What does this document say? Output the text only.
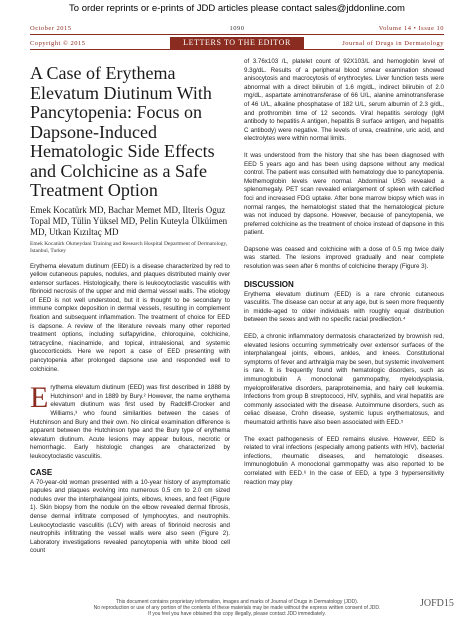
To order reprints or e-prints of JDD articles please contact sales@jddonline.com
October 2015	1090	Volume 14 • Issue 10
Copyright © 2015	Journal of Drugs in Dermatology
LETTERS TO THE EDITOR
A Case of Erythema Elevatum Diutinum With Pancytopenia: Focus on Dapsone-Induced Hematologic Side Effects and Colchicine as a Safe Treatment Option
Emek Kocatürk MD, Bachar Memet MD, Ilteris Oguz Topal MD, Tülin Yüksel MD, Pelin Kuteyla Ülküimen MD, Utkan Kızıltaç MD
Emek Kocatürk Okmeydani Training and Research Hospital Department of Dermatology, Istanbul, Turkey
Erythema elevatum diutinum (EED) is a disease characterized by red to yellow cutaneous papules, nodules, and plaques distributed mainly over extensor surfaces. Histologically, there is leukocytoclastic vasculitis with fibrinoid necrosis of the upper and mid dermal vessel walls. The etiology of EED is not well understood, but it is thought to be secondary to immune complex deposition in dermal vessels, resulting in complement fixation and subsequent inflammation. The treatment of choice for EED is dapsone. A review of the literature reveals many other reported treatment options, including sulfapyridine, chloroquine, colchicine, tetracycline, niacinamide, and topical, intralesional, and systemic glucocorticoids. Here we report a case of EED presenting with pancytopenia after prolonged dapsone use and responded well to colchicine.
Erythema elevatum diutinum (EED) was first described in 1888 by Hutchinson¹ and in 1889 by Bury.² However, the name erythema elevatum diutinum was first used by Radcliff-Crocker and Williams,³ who found similarities between the cases of Hutchinson and Bury and their own. No clinical examination difference is apparent between the Hutchinson type and the Bury type of erythema elevatum diutinum. Acute lesions may appear bullous, necrotic or hemorrhagic. Early histologic changes are characterized by leukocytoclastic vasculitis.
CASE
A 70-year-old woman presented with a 10-year history of asymptomatic papules and plaques evolving into numerous 0.5 cm to 2.0 cm sized nodules over the interphalangeal joints, elbows, knees, and feet (Figure 1). Skin biopsy from the nodule on the elbow revealed dermal fibrosis, dense dermal infiltrate composed of lymphocytes, and neutrophils. Leukocytoclastic vasculitis (LCV) with areas of fibrinoid necrosis and neutrophils infiltrating the vessel walls were also seen (Figure 2). Laboratory investigations revealed pancytopenia with white blood cell count
of 3.76x103 /L, platelet count of 92X103/L and hemoglobin level of 9.3g/dL. Results of a peripheral blood smear examination showed anisocytosis and macrocytosis of erythrocytes. Liver function tests were abnormal with a direct bilirubin of 1.6 mg/dL, indirect bilirubin of 2.0 mg/dL, aspartate aminotransferase of 66 U/L, alanine aminotransferase of 46 U/L, alkaline phosphatase of 182 U/L, serum albumin of 2.3 g/dL, and prothrombin time of 12 seconds. Viral hepatitis serology (IgM antibody to hepatitis A antigen, hepatitis B surface antigen, and hepatitis C antibody) were negative. The levels of urea, creatinine, uric acid, and electrolytes were within normal limits.
It was understood from the history that she has been diagnosed with EED 5 years ago and has been using dapsone without any medical control. The patient was consulted with hematology due to pancytopenia. Methemoglobin levels were normal. Abdominal USG revealed a splenomegaly. PET scan revealed enlargement of spleen with calcified foci and increased FDG uptake. After bone marrow biopsy which was in normal ranges, the hematologist stated that the hematological picture was not induced by dapsone. However, because of pancytopenia, we preferred colchicine as the treatment of choice instead of dapsone in this patient.
Dapsone was ceased and colchicine with a dose of 0.5 mg twice daily was started. The lesions improved gradually and near complete resolution was seen after 6 months of colchicine therapy (Figure 3).
DISCUSSION
Erythema elevatum diutinum (EED) is a rare chronic cutaneous vasculitis. The disease can occur at any age, but is seen more frequently in middle-aged to older individuals with roughly equal distribution between the sexes and with no specific racial predilection.⁴
EED, a chronic inflammatory dermatosis characterized by brownish red, elevated lesions occurring symmetrically over extensor surfaces of the interphalangeal joints, elbows, ankles, and knees. Constitutional symptoms of fever and arthralgia may be seen, but systemic involvement is rare. It is frequently found with hematologic disorders, such as immunoglobulin A monoclonal gammopathy, myelodysplasia, myeloproliferative disorders, paraproteinemia, and hairy cell leukemia. Infections from group B streptococci, HIV, syphilis, and viral hepatitis are commonly associated with the disease. Autoimmune disorders, such as celiac disease, Crohn disease, systemic lupus erythematosus, and rheumatoid arthritis have also been associated with EED.⁵
The exact pathogenesis of EED remains elusive. However, EED is related to viral infections (especially among patients with HIV), bacterial infections, rheumatic diseases, and hematologic diseases. Immunoglobulin A monoclonal gammopathy was also reported to be correlated with EED.⁶ In the case of EED, a type 3 hypersensitivity reaction may play
This document contains proprietary information, images and marks of Journal of Drugs in Dermatology (JDD).
No reproduction or use of any portion of the contents of these materials may be made without the express written consent of JDD.
If you feel you have obtained this copy illegally, please contact JDD immediately.
JOFD15
